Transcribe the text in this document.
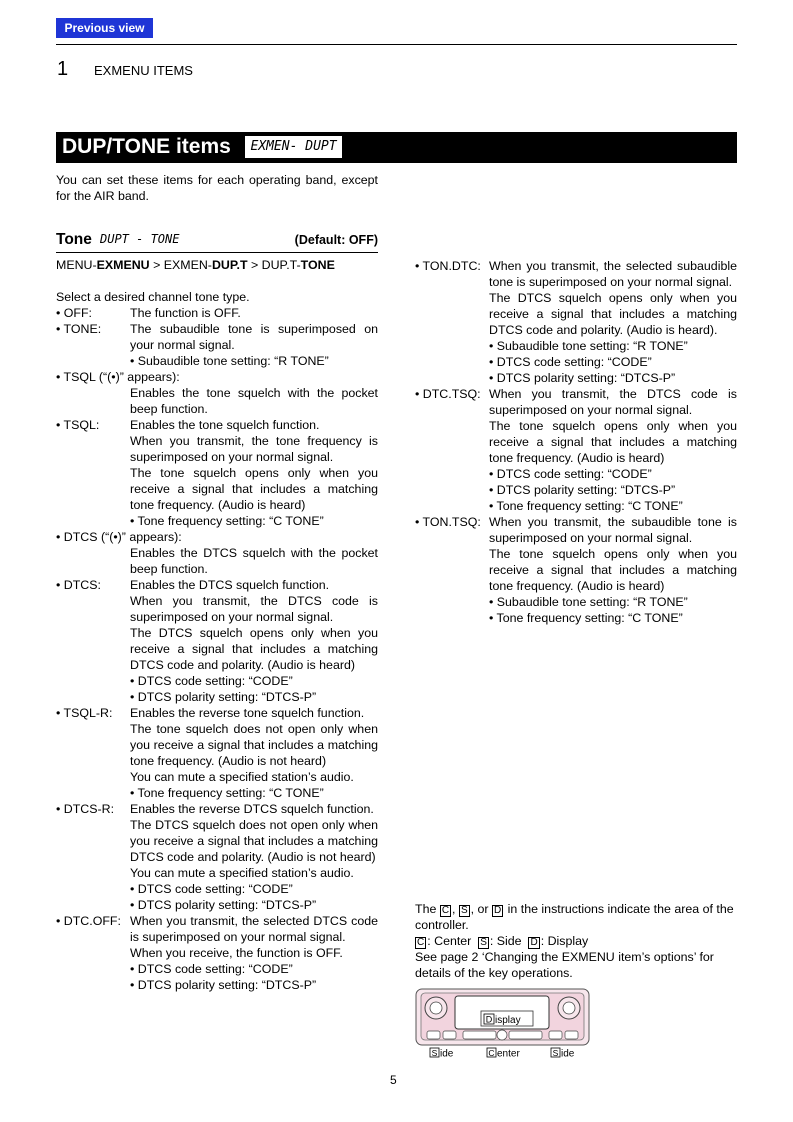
Previous view
1 EXMENU ITEMS
DUP/TONE items	EXMEN- DUPT
You can set these items for each operating band, except for the AIR band.
Tone DUPT - TONE	(Default: OFF)
MENU-EXMENU > EXMEN-DUP.T > DUP.T-TONE
Select a desired channel tone type.
• OFF:	The function is OFF.
• TONE:	The subaudible tone is superimposed on your normal signal.
• Subaudible tone setting: “R TONE”
• TSQL (“(•)” appears):
Enables the tone squelch with the pocket beep function.
• TSQL:	Enables the tone squelch function.
When you transmit, the tone frequency is superimposed on your normal signal.
The tone squelch opens only when you receive a signal that includes a matching tone frequency. (Audio is heard)
• Tone frequency setting: “C TONE”
• DTCS (“(•)” appears):
Enables the DTCS squelch with the pocket beep function.
• DTCS:	Enables the DTCS squelch function.
When you transmit, the DTCS code is superimposed on your normal signal.
The DTCS squelch opens only when you receive a signal that includes a matching DTCS code and polarity. (Audio is heard)
• DTCS code setting: “CODE”
• DTCS polarity setting: “DTCS-P”
• TSQL-R:	Enables the reverse tone squelch function.
The tone squelch does not open only when you receive a signal that includes a matching tone frequency. (Audio is not heard)
You can mute a specified station’s audio.
• Tone frequency setting: “C TONE”
• DTCS-R:	Enables the reverse DTCS squelch function.
The DTCS squelch does not open only when you receive a signal that includes a matching DTCS code and polarity. (Audio is not heard)
You can mute a specified station’s audio.
• DTCS code setting: “CODE”
• DTCS polarity setting: “DTCS-P”
• DTC.OFF: When you transmit, the selected DTCS code is superimposed on your normal signal.
When you receive, the function is OFF.
• DTCS code setting: “CODE”
• DTCS polarity setting: “DTCS-P”
• TON.DTC: When you transmit, the selected subaudible tone is superimposed on your normal signal.
The DTCS squelch opens only when you receive a signal that includes a matching DTCS code and polarity. (Audio is heard).
• Subaudible tone setting: “R TONE”
• DTCS code setting: “CODE”
• DTCS polarity setting: “DTCS-P”
• DTC.TSQ: When you transmit, the DTCS code is superimposed on your normal signal.
The tone squelch opens only when you receive a signal that includes a matching tone frequency. (Audio is heard)
• DTCS code setting: “CODE”
• DTCS polarity setting: “DTCS-P”
• Tone frequency setting: “C TONE”
• TON.TSQ: When you transmit, the subaudible tone is superimposed on your normal signal.
The tone squelch opens only when you receive a signal that includes a matching tone frequency. (Audio is heard)
• Subaudible tone setting: “R TONE”
• Tone frequency setting: “C TONE”
The C , S , or D in the instructions indicate the area of the controller.
C : Center S : Side D : Display
See page 2 ‘Changing the EXMENU item’s options’ for details of the key operations.
D isplay
S ide	C enter	S ide
5
